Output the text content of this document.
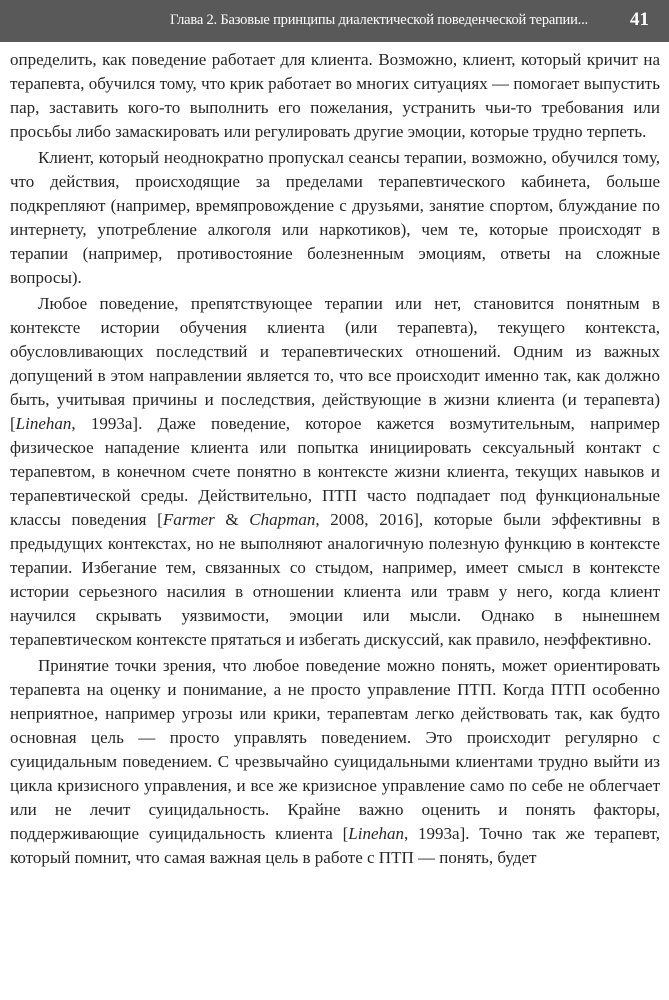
Глава 2. Базовые принципы диалектической поведенческой терапии... 41

определить, как поведение работает для клиента. Возможно, клиент, который кричит на терапевта, обучился тому, что крик работает во многих ситуациях — помогает выпустить пар, заставить кого-то выполнить его пожелания, устранить чьи-то требования или просьбы либо замаскировать или регулировать другие эмоции, которые трудно терпеть.

Клиент, который неоднократно пропускал сеансы терапии, возможно, обучился тому, что действия, происходящие за пределами терапевтического кабинета, больше подкрепляют (например, времяпровождение с друзьями, занятие спортом, блуждание по интернету, употребление алкоголя или наркотиков), чем те, которые происходят в терапии (например, противостояние болезненным эмоциям, ответы на сложные вопросы).

Любое поведение, препятствующее терапии или нет, становится понятным в контексте истории обучения клиента (или терапевта), текущего контекста, обусловливающих последствий и терапевтических отношений. Одним из важных допущений в этом направлении является то, что все происходит именно так, как должно быть, учитывая причины и последствия, действующие в жизни клиента (и терапевта) [Linehan, 1993a]. Даже поведение, которое кажется возмутительным, например физическое нападение клиента или попытка инициировать сексуальный контакт с терапевтом, в конечном счете понятно в контексте жизни клиента, текущих навыков и терапевтической среды. Действительно, ПТП часто подпадает под функциональные классы поведения [Farmer & Chapman, 2008, 2016], которые были эффективны в предыдущих контекстах, но не выполняют аналогичную полезную функцию в контексте терапии. Избегание тем, связанных со стыдом, например, имеет смысл в контексте истории серьезного насилия в отношении клиента или травм у него, когда клиент научился скрывать уязвимости, эмоции или мысли. Однако в нынешнем терапевтическом контексте прятаться и избегать дискуссий, как правило, неэффективно.

Принятие точки зрения, что любое поведение можно понять, может ориентировать терапевта на оценку и понимание, а не просто управление ПТП. Когда ПТП особенно неприятное, например угрозы или крики, терапевтам легко действовать так, как будто основная цель — просто управлять поведением. Это происходит регулярно с суицидальным поведением. С чрезвычайно суицидальными клиентами трудно выйти из цикла кризисного управления, и все же кризисное управление само по себе не облегчает или не лечит суицидальность. Крайне важно оценить и понять факторы, поддерживающие суицидальность клиента [Linehan, 1993a]. Точно так же терапевт, который помнит, что самая важная цель в работе с ПТП — понять, будет
